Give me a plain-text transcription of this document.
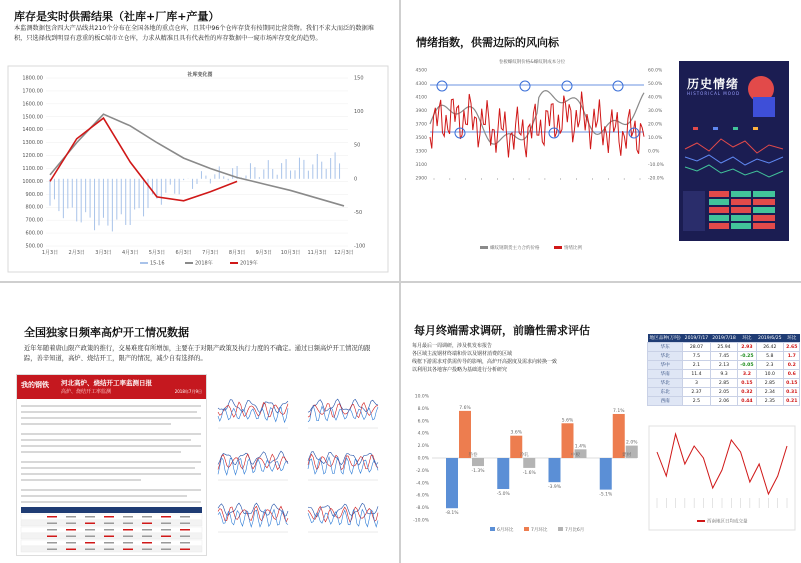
库存是实时供需结果（社库+厂库+产量）
本监测数据包含四大产品线共210个分布在全国各地的重点仓库，且其中96个仓库存货有按期同比营货物。我们不求大而泛的数据堆积，只选择找到明显有意重的板C端市立仓库，力求从精准且具有代表性的库存数据中一窥市场库存变化的趋势。
社库变化图
1800.00
1700.00
1600.00
1500.00
1400.00
1300.00
1200.00
1100.00
1000.00
900.00
800.00
700.00
600.00
500.00
150
100
50
0
-50
-100
1月3日 2月3日 3月3日 4月3日 5月3日 6月3日 7月3日 8月3日 9月3日 10月3日 11月3日 12月3日
15-16	2018年	2019年
情绪指数，供需边际的风向标
卷板螺纹钢价格&螺纹钢成本分位
4500
4300
4100
3900
3700
3500
3300
3100
2900
60.0%
50.0%
40.0%
30.0%
20.0%
10.0%
0.0%
-10.0%
-20.0%
螺纹钢期货主力合约价格	情绪比例
历史情绪
HISTORICAL MOOD
全国独家日频率高炉开工情况数据
近年年随着唐山限产政策的推行，交易难度有所增加，主要在于对限产政策及执行力度的不确定。通过日频高炉开工情况的跟踪，善辛知道，高炉、烧结开工，限产的情况，减少自有选择的。
我的钢铁 河北高炉、烧结开工率监测日报
高炉、烧结开工率监测	2018年7月9日
每月终端需求调研，前瞻性需求评估
每月最后一周调研，涉及机发布报告
各区域主流钢材终端和价以及钢材消费的区域
线框下游需求对供需传导的影响，高炉开高据度及需求向转换一致
以利用其各地客户投略为基础进行分析研究
10.0%
8.0%
6.0%
4.0%
2.0%
0.0%
-2.0%
-4.0%
-6.0%
-8.0%
-10.0%
-8.1%
7.6%
-1.3%
热卷
-5.0%
3.6%
-1.6%
冷轧
-3.9%
5.6%
1.4%
中板
-5.1%
7.1%
2.0%
建材
6月环比	7月环比	7月比6月
地区品种(万吨)	2019/7/17	2019/7/18	环比	2019/6/25	环比
华东	28.07	25.94	2.93	26.42	2.65
华北	7.5	7.45	-0.25	5.8	1.7
华中	2.1	2.13	-0.05	2.3	0.2
华南	11.4	9.3	3.2	10.0	0.6
华北	3	2.85	0.15	2.85	0.15
东北	2.37	2.05	0.32	2.34	0.31
西南	2.5	2.06	0.44	2.35	0.21
西南地区日均成交量
